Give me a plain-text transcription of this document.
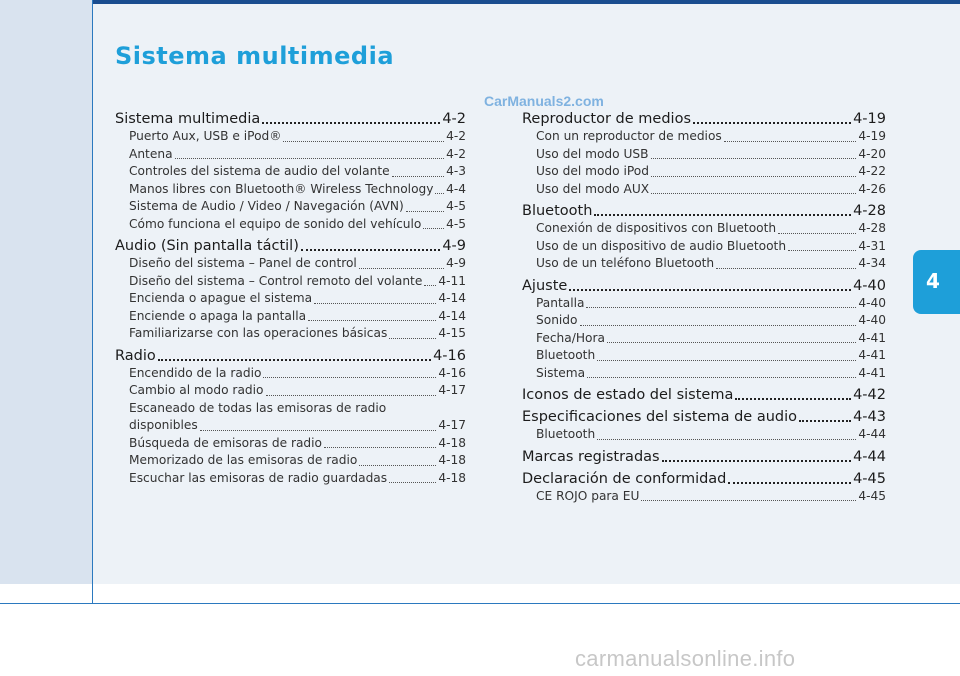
Sistema multimedia
CarManuals2.com
4
Sistema multimedia	4-2
Puerto Aux, USB e iPod®	4-2
Antena	4-2
Controles del sistema de audio del volante	4-3
Manos libres con Bluetooth® Wireless Technology 4-4
Sistema de Audio / Video / Navegación (AVN)	4-5
Cómo funciona el equipo de sonido del vehículo 4-5
Audio (Sin pantalla táctil)	4-9
Diseño del sistema – Panel de control	4-9
Diseño del sistema – Control remoto del volante 4-11
Encienda o apague el sistema	4-14
Enciende o apaga la pantalla	4-14
Familiarizarse con las operaciones básicas	4-15
Radio	4-16
Encendido de la radio	4-16
Cambio al modo radio	4-17
Escaneado de todas las emisoras de radio
disponibles	4-17
Búsqueda de emisoras de radio	4-18
Memorizado de las emisoras de radio	4-18
Escuchar las emisoras de radio guardadas	4-18
Reproductor de medios	4-19
Con un reproductor de medios	4-19
Uso del modo USB	4-20
Uso del modo iPod	4-22
Uso del modo AUX	4-26
Bluetooth	4-28
Conexión de dispositivos con Bluetooth	4-28
Uso de un dispositivo de audio Bluetooth	4-31
Uso de un teléfono Bluetooth	4-34
Ajuste	4-40
Pantalla	4-40
Sonido	4-40
Fecha/Hora	4-41
Bluetooth	4-41
Sistema	4-41
Iconos de estado del sistema	4-42
Especificaciones del sistema de audio	4-43
Bluetooth	4-44
Marcas registradas	4-44
Declaración de conformidad	4-45
CE ROJO para EU	4-45
carmanualsonline.info
